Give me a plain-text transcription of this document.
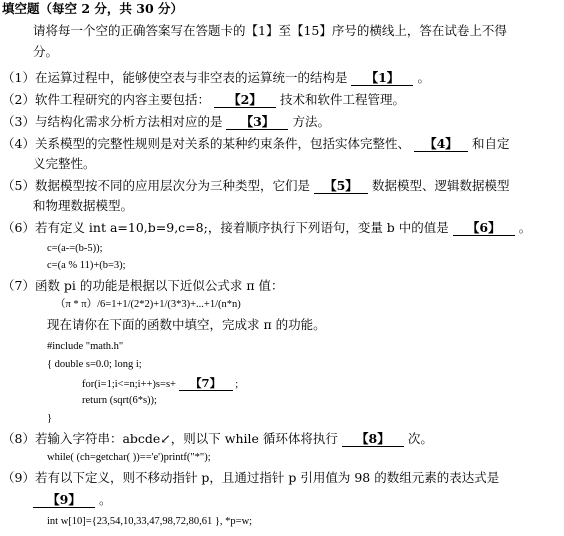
填空题（每空 2 分，共 30 分）
请将每一个空的正确答案写在答题卡的【1】至【15】序号的横线上，答在试卷上不得
分。
（1）在运算过程中，能够使空表与非空表的运算统一的结构是 【1】 。
（2）软件工程研究的内容主要包括： 【2】 技术和软件工程管理。
（3）与结构化需求分析方法相对应的是 【3】 方法。
（4）关系模型的完整性规则是对关系的某种约束条件，包括实体完整性、 【4】 和自定
义完整性。
（5）数据模型按不同的应用层次分为三种类型，它们是 【5】 数据模型、逻辑数据模型
和物理数据模型。
（6）若有定义 int a=10,b=9,c=8;，接着顺序执行下列语句，变量 b 中的值是 【6】 。
c=(a-=(b-5));
c=(a % 11)+(b=3);
（7）函数 pi 的功能是根据以下近似公式求 π 值：
（π * π）/6=1+1/(2*2)+1/(3*3)+...+1/(n*n)
现在请你在下面的函数中填空，完成求 π 的功能。
#include "math.h"
{ double s=0.0; long i;
for(i=1;i<=n;i++)s=s+ 【7】 ;
return (sqrt(6*s));
}
（8）若输入字符串：abcde↙，则以下 while 循环体将执行 【8】 次。
while( (ch=getchar( ))=='e')printf("*");
（9）若有以下定义，则不移动指针 p，且通过指针 p 引用值为 98 的数组元素的表达式是
【9】 。
int w[10]={23,54,10,33,47,98,72,80,61 }, *p=w;
